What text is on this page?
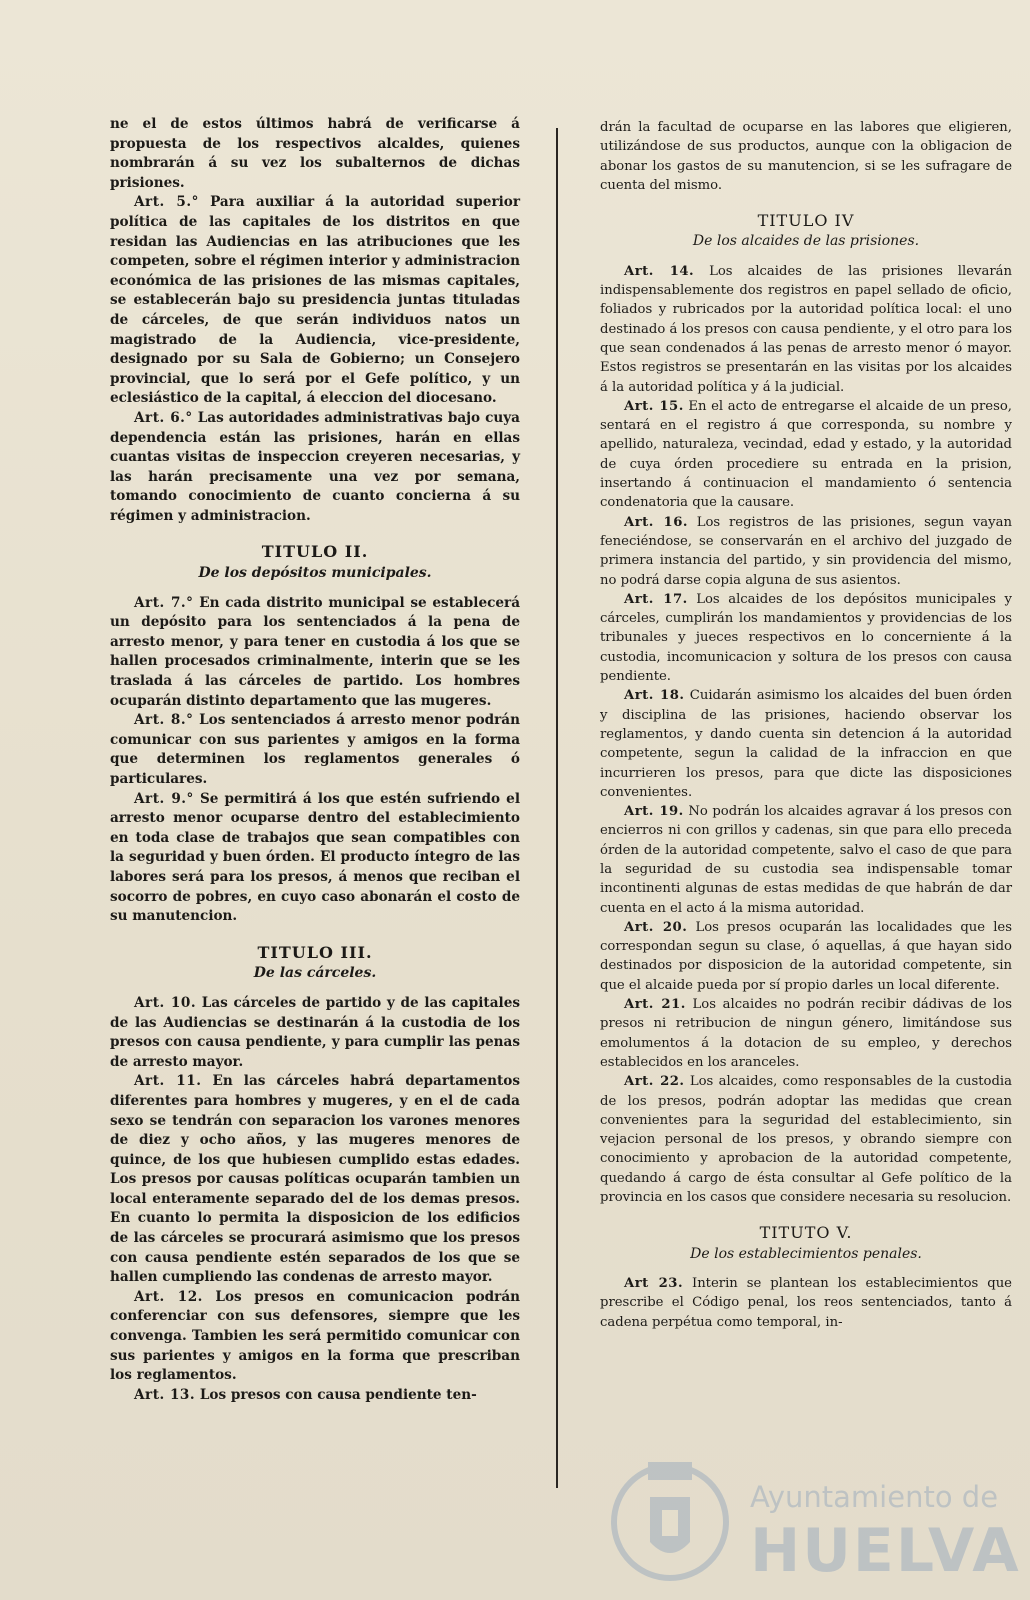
ne el de estos últimos habrá de verificarse á propuesta de los respectivos alcaldes, quienes nombrarán á su vez los subalternos de dichas prisiones.

Art. 5.° Para auxiliar á la autoridad superior política de las capitales de los distritos en que residan las Audiencias en las atribuciones que les competen, sobre el régimen interior y administracion económica de las prisiones de las mismas capitales, se establecerán bajo su presidencia juntas tituladas de cárceles, de que serán individuos natos un magistrado de la Audiencia, vice-presidente, designado por su Sala de Gobierno; un Consejero provincial, que lo será por el Gefe político, y un eclesiástico de la capital, á eleccion del diocesano.

Art. 6.° Las autoridades administrativas bajo cuya dependencia están las prisiones, harán en ellas cuantas visitas de inspeccion creyeren necesarias, y las harán precisamente una vez por semana, tomando conocimiento de cuanto concierna á su régimen y administracion.

TITULO II.
De los depósitos municipales.

Art. 7.° En cada distrito municipal se establecerá un depósito para los sentenciados á la pena de arresto menor, y para tener en custodia á los que se hallen procesados criminalmente, interin que se les traslada á las cárceles de partido. Los hombres ocuparán distinto departamento que las mugeres.

Art. 8.° Los sentenciados á arresto menor podrán comunicar con sus parientes y amigos en la forma que determinen los reglamentos generales ó particulares.

Art. 9.° Se permitirá á los que estén sufriendo el arresto menor ocuparse dentro del establecimiento en toda clase de trabajos que sean compatibles con la seguridad y buen órden. El producto íntegro de las labores será para los presos, á menos que reciban el socorro de pobres, en cuyo caso abonarán el costo de su manutencion.

TITULO III.
De las cárceles.

Art. 10. Las cárceles de partido y de las capitales de las Audiencias se destinarán á la custodia de los presos con causa pendiente, y para cumplir las penas de arresto mayor.

Art. 11. En las cárceles habrá departamentos diferentes para hombres y mugeres, y en el de cada sexo se tendrán con separacion los varones menores de diez y ocho años, y las mugeres menores de quince, de los que hubiesen cumplido estas edades. Los presos por causas políticas ocuparán tambien un local enteramente separado del de los demas presos. En cuanto lo permita la disposicion de los edificios de las cárceles se procurará asimismo que los presos con causa pendiente estén separados de los que se hallen cumpliendo las condenas de arresto mayor.

Art. 12. Los presos en comunicacion podrán conferenciar con sus defensores, siempre que les convenga. Tambien les será permitido comunicar con sus parientes y amigos en la forma que prescriban los reglamentos.

Art. 13. Los presos con causa pendiente ten-

drán la facultad de ocuparse en las labores que eligieren, utilizándose de sus productos, aunque con la obligacion de abonar los gastos de su manutencion, si se les sufragare de cuenta del mismo.

TITULO IV
De los alcaides de las prisiones.

Art. 14. Los alcaides de las prisiones llevarán indispensablemente dos registros en papel sellado de oficio, foliados y rubricados por la autoridad política local: el uno destinado á los presos con causa pendiente, y el otro para los que sean condenados á las penas de arresto menor ó mayor. Estos registros se presentarán en las visitas por los alcaides á la autoridad política y á la judicial.

Art. 15. En el acto de entregarse el alcaide de un preso, sentará en el registro á que corresponda, su nombre y apellido, naturaleza, vecindad, edad y estado, y la autoridad de cuya órden procediere su entrada en la prision, insertando á continuacion el mandamiento ó sentencia condenatoria que la causare.

Art. 16. Los registros de las prisiones, segun vayan feneciéndose, se conservarán en el archivo del juzgado de primera instancia del partido, y sin providencia del mismo, no podrá darse copia alguna de sus asientos.

Art. 17. Los alcaides de los depósitos municipales y cárceles, cumplirán los mandamientos y providencias de los tribunales y jueces respectivos en lo concerniente á la custodia, incomunicacion y soltura de los presos con causa pendiente.

Art. 18. Cuidarán asimismo los alcaides del buen órden y disciplina de las prisiones, haciendo observar los reglamentos, y dando cuenta sin detencion á la autoridad competente, segun la calidad de la infraccion en que incurrieren los presos, para que dicte las disposiciones convenientes.

Art. 19. No podrán los alcaides agravar á los presos con encierros ni con grillos y cadenas, sin que para ello preceda órden de la autoridad competente, salvo el caso de que para la seguridad de su custodia sea indispensable tomar incontinenti algunas de estas medidas de que habrán de dar cuenta en el acto á la misma autoridad.

Art. 20. Los presos ocuparán las localidades que les correspondan segun su clase, ó aquellas, á que hayan sido destinados por disposicion de la autoridad competente, sin que el alcaide pueda por sí propio darles un local diferente.

Art. 21. Los alcaides no podrán recibir dádivas de los presos ni retribucion de ningun género, limitándose sus emolumentos á la dotacion de su empleo, y derechos establecidos en los aranceles.

Art. 22. Los alcaides, como responsables de la custodia de los presos, podrán adoptar las medidas que crean convenientes para la seguridad del establecimiento, sin vejacion personal de los presos, y obrando siempre con conocimiento y aprobacion de la autoridad competente, quedando á cargo de ésta consultar al Gefe político de la provincia en los casos que considere necesaria su resolucion.

TITUTO V.
De los establecimientos penales.

Art 23. Interin se plantean los establecimientos que prescribe el Código penal, los reos sentenciados, tanto á cadena perpétua como temporal, in-

Ayuntamiento de
HUELVA
